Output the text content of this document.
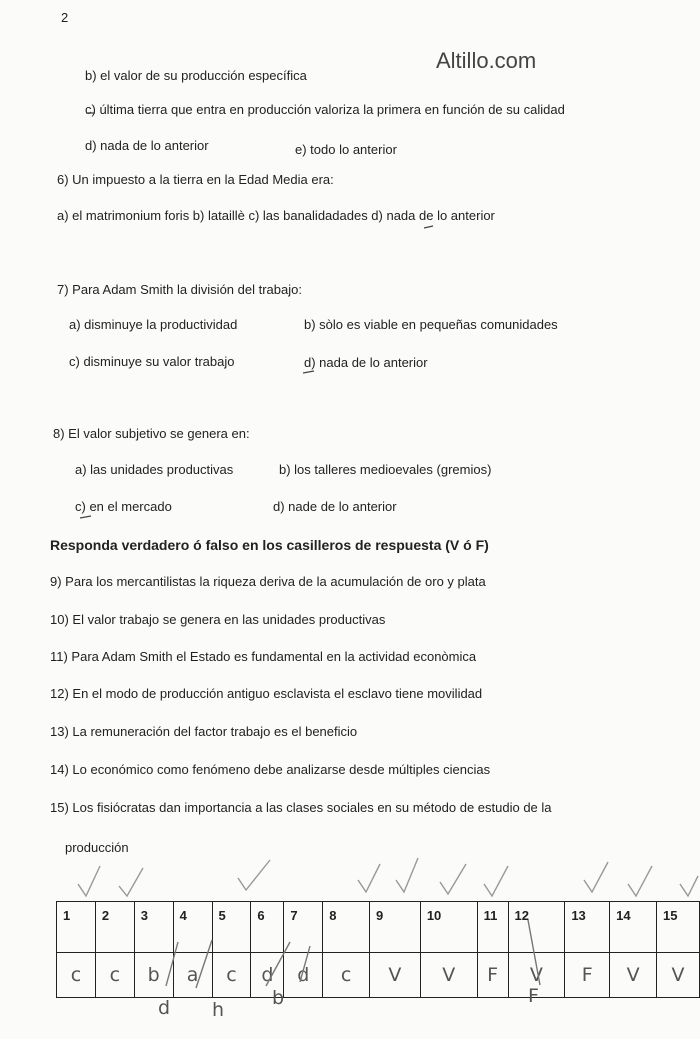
2
Altillo.com
b) el valor de su producción específica
c) última tierra que entra en producción valoriza la primera en función de su calidad
d) nada de lo anterior	e) todo lo anterior
6) Un impuesto a la tierra en la Edad Media era:
a) el matrimonium foris b) lataillè c) las banalidadades d) nada de lo anterior
7) Para Adam Smith la división del trabajo:
a) disminuye la productividad	b) sòlo es viable en pequeñas comunidades
c) disminuye su valor trabajo	d) nada de lo anterior
8) El valor subjetivo se genera en:
a) las unidades productivas	b) los talleres medioevales (gremios)
c) en el mercado	d) nade de lo anterior
Responda verdadero ó falso en los casilleros de respuesta (V ó F)
9) Para los mercantilistas la riqueza deriva de la acumulación de oro y plata
10) El valor trabajo se genera en las unidades productivas
11) Para Adam Smith el Estado es fundamental en la actividad econòmica
12) En el modo de producción antiguo esclavista el esclavo tiene movilidad
13) La remuneración del factor trabajo es el beneficio
14) Lo económico como fenómeno debe analizarse desde múltiples ciencias
15) Los fisiócratas dan importancia a las clases sociales en su método de estudio de la
producción
1	2	3	4	5	6	7	8	9	10	11	12	13	14	15
c	c	b	a	c	d	d	c	V	V	F	V	F	V	V
d h
b	F
